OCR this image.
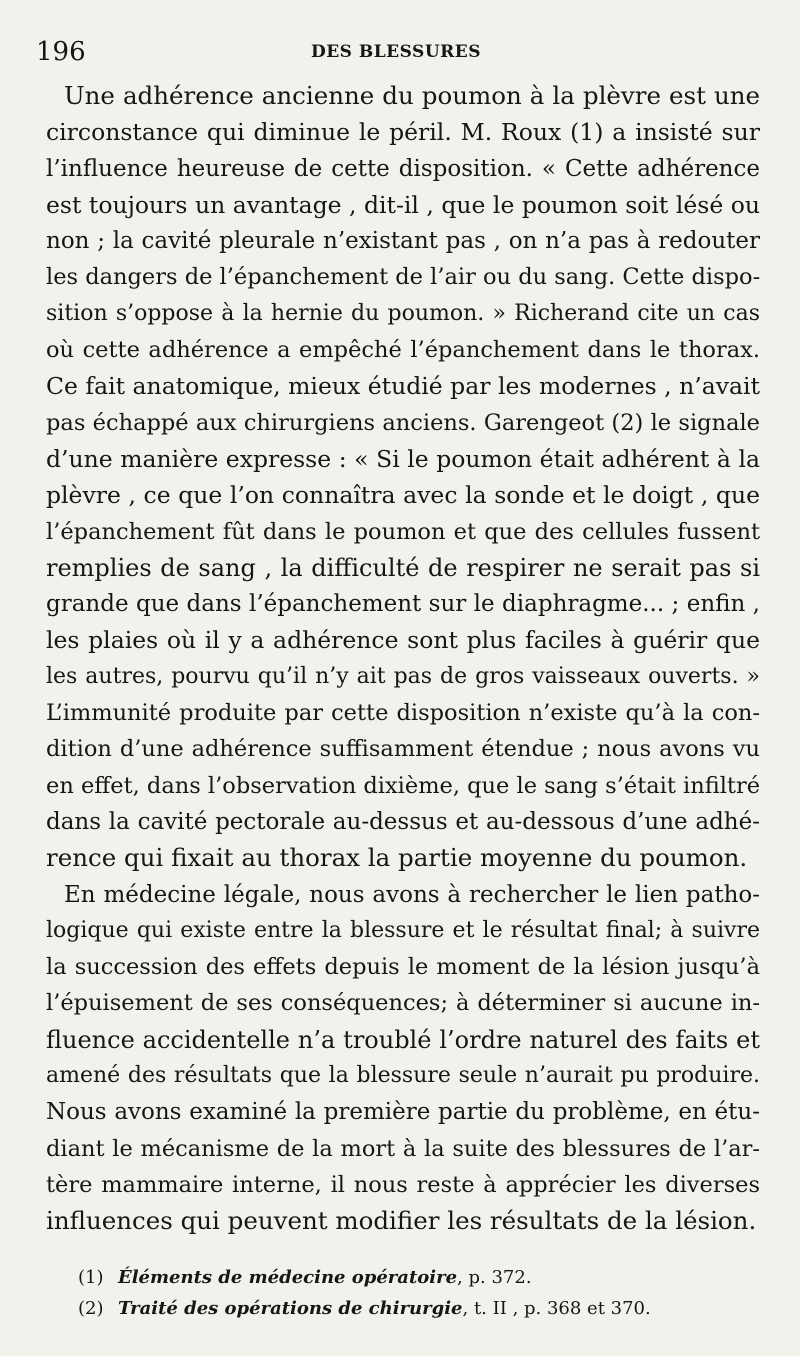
196	DES BLESSURES
Une adhérence ancienne du poumon à la plèvre est une
circonstance qui diminue le péril. M. Roux (1) a insisté sur
l’influence heureuse de cette disposition. « Cette adhérence
est toujours un avantage , dit-il , que le poumon soit lésé ou
non ; la cavité pleurale n’existant pas , on n’a pas à redouter
les dangers de l’épanchement de l’air ou du sang. Cette dispo-
sition s’oppose à la hernie du poumon. » Richerand cite un cas
où cette adhérence a empêché l’épanchement dans le thorax.
Ce fait anatomique, mieux étudié par les modernes , n’avait
pas échappé aux chirurgiens anciens. Garengeot (2) le signale
d’une manière expresse : « Si le poumon était adhérent à la
plèvre , ce que l’on connaîtra avec la sonde et le doigt , que
l’épanchement fût dans le poumon et que des cellules fussent
remplies de sang , la difficulté de respirer ne serait pas si
grande que dans l’épanchement sur le diaphragme... ; enfin ,
les plaies où il y a adhérence sont plus faciles à guérir que
les autres, pourvu qu’il n’y ait pas de gros vaisseaux ouverts. »
L’immunité produite par cette disposition n’existe qu’à la con-
dition d’une adhérence suffisamment étendue ; nous avons vu
en effet, dans l’observation dixième, que le sang s’était infiltré
dans la cavité pectorale au-dessus et au-dessous d’une adhé-
rence qui fixait au thorax la partie moyenne du poumon.
En médecine légale, nous avons à rechercher le lien patho-
logique qui existe entre la blessure et le résultat final; à suivre
la succession des effets depuis le moment de la lésion jusqu’à
l’épuisement de ses conséquences; à déterminer si aucune in-
fluence accidentelle n’a troublé l’ordre naturel des faits et
amené des résultats que la blessure seule n’aurait pu produire.
Nous avons examiné la première partie du problème, en étu-
diant le mécanisme de la mort à la suite des blessures de l’ar-
tère mammaire interne, il nous reste à apprécier les diverses
influences qui peuvent modifier les résultats de la lésion.
(1) Éléments de médecine opératoire, p. 372.
(2) Traité des opérations de chirurgie, t. II , p. 368 et 370.
